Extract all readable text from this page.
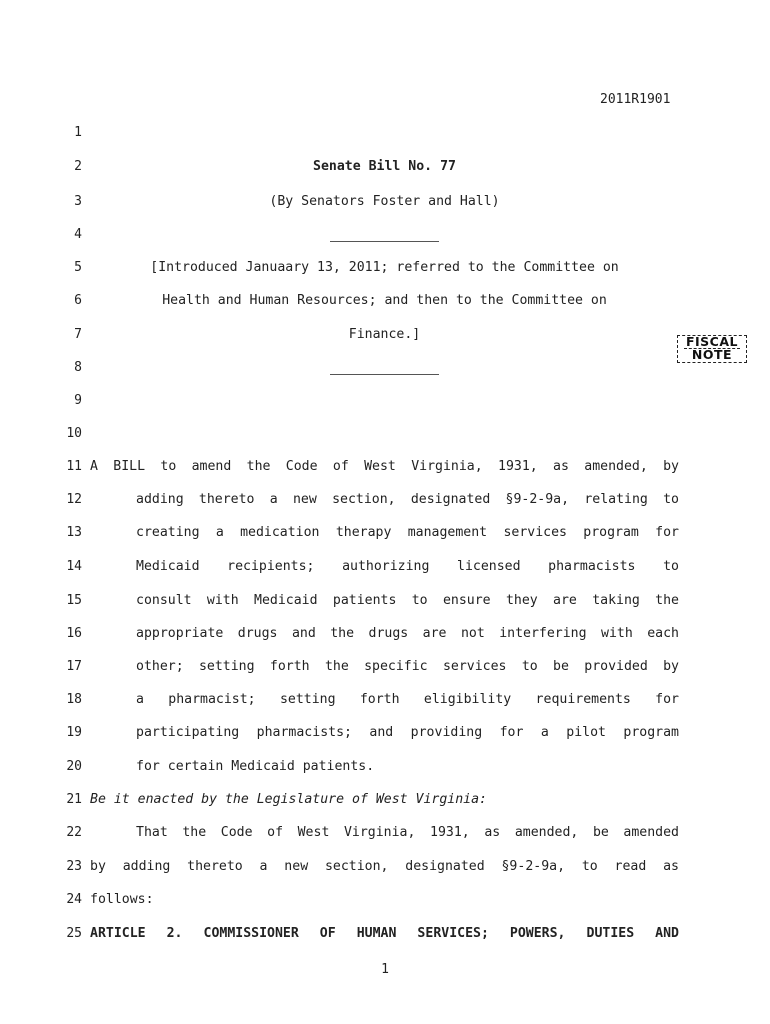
2011R1901
1
2
3
4
5
6
7
8
9
10
11
12
13
14
15
16
17
18
19
20
21
22
23
24
25
Senate Bill No. 77
(By Senators Foster and Hall)
[Introduced Januaary 13, 2011; referred to the Committee on
Health and Human Resources; and then to the Committee on
Finance.]	FISCAL
NOTE
A BILL to amend the Code of West Virginia, 1931, as amended, by
adding thereto a new section, designated §9-2-9a, relating to
creating a medication therapy management services program for
Medicaid recipients; authorizing licensed pharmacists to
consult with Medicaid patients to ensure they are taking the
appropriate drugs and the drugs are not interfering with each
other; setting forth the specific services to be provided by
a pharmacist; setting forth eligibility requirements for
participating pharmacists; and providing for a pilot program
for certain Medicaid patients.
Be it enacted by the Legislature of West Virginia:
That the Code of West Virginia, 1931, as amended, be amended
by adding thereto a new section, designated §9-2-9a, to read as
follows:
ARTICLE 2. COMMISSIONER OF HUMAN SERVICES; POWERS, DUTIES AND
1
